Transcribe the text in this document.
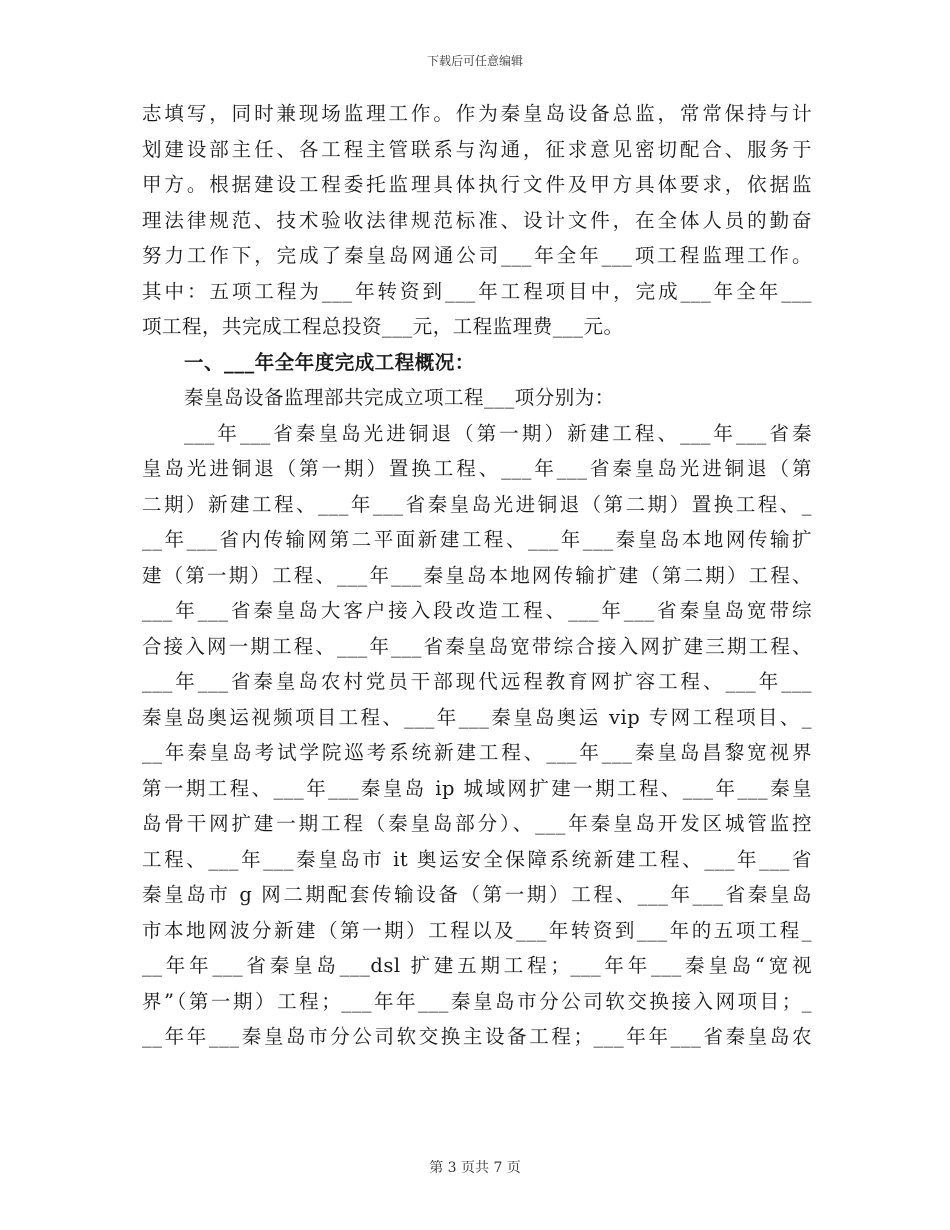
下载后可任意编辑
志填写，同时兼现场监理工作。作为秦皇岛设备总监，常常保持与计
划建设部主任、各工程主管联系与沟通，征求意见密切配合、服务于
甲方。根据建设工程委托监理具体执行文件及甲方具体要求，依据监
理法律规范、技术验收法律规范标准、设计文件，在全体人员的勤奋
努力工作下，完成了秦皇岛网通公司___年全年___项工程监理工作。
其中：五项工程为___年转资到___年工程项目中，完成___年全年___
项工程，共完成工程总投资___元，工程监理费___元。
一、___年全年度完成工程概况：
秦皇岛设备监理部共完成立项工程___项分别为：
___年___省秦皇岛光进铜退（第一期）新建工程、___年___省秦
皇岛光进铜退（第一期）置换工程、___年___省秦皇岛光进铜退（第
二期）新建工程、___年___省秦皇岛光进铜退（第二期）置换工程、_
__年___省内传输网第二平面新建工程、___年___秦皇岛本地网传输扩
建（第一期）工程、___年___秦皇岛本地网传输扩建（第二期）工程、
___年___省秦皇岛大客户接入段改造工程、___年___省秦皇岛宽带综
合接入网一期工程、___年___省秦皇岛宽带综合接入网扩建三期工程、
___年___省秦皇岛农村党员干部现代远程教育网扩容工程、___年___
秦皇岛奥运视频项目工程、___年___秦皇岛奥运 vip 专网工程项目、_
__年秦皇岛考试学院巡考系统新建工程、___年___秦皇岛昌黎宽视界
第一期工程、___年___秦皇岛 ip 城域网扩建一期工程、___年___秦皇
岛骨干网扩建一期工程（秦皇岛部分）、___年秦皇岛开发区城管监控
工程、___年___秦皇岛市 it 奥运安全保障系统新建工程、___年___省
秦皇岛市 g 网二期配套传输设备（第一期）工程、___年___省秦皇岛
市本地网波分新建（第一期）工程以及___年转资到___年的五项工程_
__年年___省秦皇岛___dsl 扩建五期工程；___年年___秦皇岛“宽视
界”（第一期）工程；___年年___秦皇岛市分公司软交换接入网项目；_
__年年___秦皇岛市分公司软交换主设备工程；___年年___省秦皇岛农
第 3 页共 7 页
